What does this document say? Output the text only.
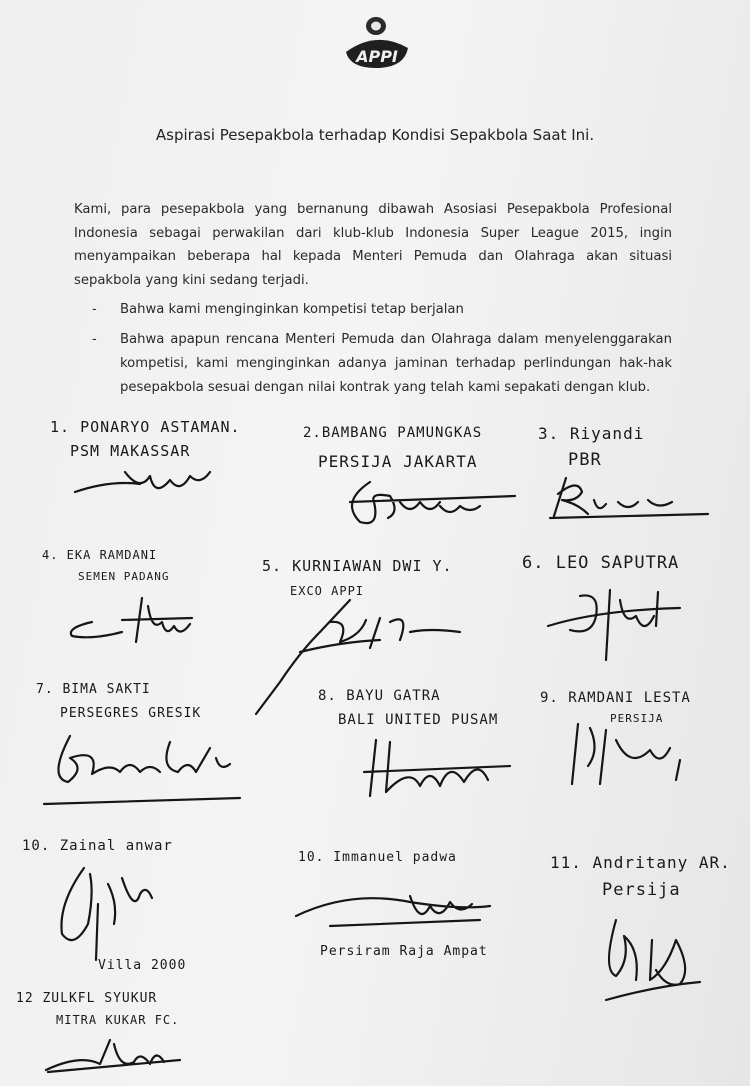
APPI
Aspirasi Pesepakbola terhadap Kondisi Sepakbola Saat Ini.
Kami, para pesepakbola yang bernanung dibawah Asosiasi Pesepakbola Profesional Indonesia sebagai perwakilan dari klub-klub Indonesia Super League 2015, ingin menyampaikan beberapa hal kepada Menteri Pemuda dan Olahraga akan situasi sepakbola yang kini sedang terjadi.
- Bahwa kami menginginkan kompetisi tetap berjalan
- Bahwa apapun rencana Menteri Pemuda dan Olahraga dalam menyelenggarakan kompetisi, kami menginginkan adanya jaminan terhadap perlindungan hak-hak pesepakbola sesuai dengan nilai kontrak yang telah kami sepakati dengan klub.
1. PONARYO ASTAMAN.
PSM MAKASSAR
2.BAMBANG PAMUNGKAS
PERSIJA JAKARTA
3. Riyandi
PBR
4. EKA RAMDANI
SEMEN PADANG
5. KURNIAWAN DWI Y.
EXCO APPI
6. LEO SAPUTRA
7. BIMA SAKTI
PERSEGRES GRESIK
8. BAYU GATRA
BALI UNITED PUSAM
9. RAMDANI LESTA
PERSIJA
10. Zainal anwar
Villa 2000
10. Immanuel padwa
Persiram Raja Ampat
11. Andritany AR.
Persija
12 ZULKFL SYUKUR
MITRA KUKAR FC.
